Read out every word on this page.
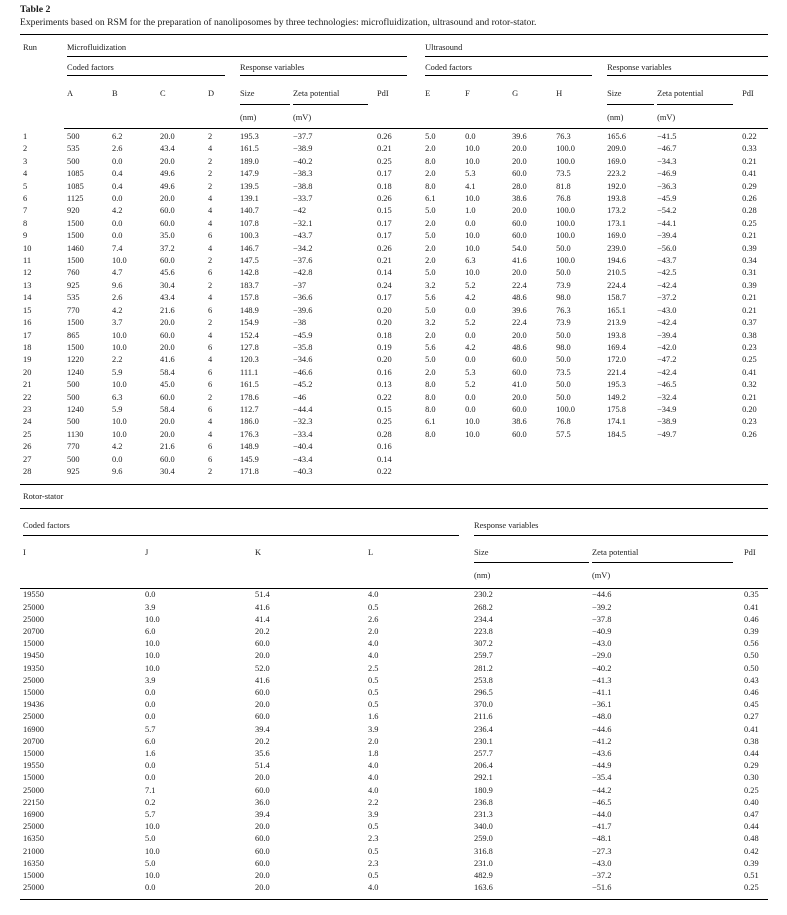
Table 2
Experiments based on RSM for the preparation of nanoliposomes by three technologies: microfluidization, ultrasound and rotor-stator.
Run	Microfluidization							Ultrasound						

	Coded factors				Response variables			Coded factors				Response variables		

	A	B	C	D	Size	Zeta potential	PdI	E	F	G	H	Size	Zeta potential	PdI
					(nm)	(mV)						(nm)	(mV)	
1	500	6.2	20.0	2	195.3	−37.7	0.26	5.0	0.0	39.6	76.3	165.6	−41.5	0.22
2	535	2.6	43.4	4	161.5	−38.9	0.21	2.0	10.0	20.0	100.0	209.0	−46.7	0.33
3	500	0.0	20.0	2	189.0	−40.2	0.25	8.0	10.0	20.0	100.0	169.0	−34.3	0.21
4	1085	0.4	49.6	2	147.9	−38.3	0.17	2.0	5.3	60.0	73.5	223.2	−46.9	0.41
5	1085	0.4	49.6	2	139.5	−38.8	0.18	8.0	4.1	28.0	81.8	192.0	−36.3	0.29
6	1125	0.0	20.0	4	139.1	−33.7	0.26	6.1	10.0	38.6	76.8	193.8	−45.9	0.26
7	920	4.2	60.0	4	140.7	−42	0.15	5.0	1.0	20.0	100.0	173.2	−54.2	0.28
8	1500	0.0	60.0	4	107.8	−32.1	0.17	2.0	0.0	60.0	100.0	173.1	−44.1	0.25
9	1500	0.0	35.0	6	100.3	−43.7	0.17	5.0	10.0	60.0	100.0	169.0	−39.4	0.21
10	1460	7.4	37.2	4	146.7	−34.2	0.26	2.0	10.0	54.0	50.0	239.0	−56.0	0.39
11	1500	10.0	60.0	2	147.5	−37.6	0.21	2.0	6.3	41.6	100.0	194.6	−43.7	0.34
12	760	4.7	45.6	6	142.8	−42.8	0.14	5.0	10.0	20.0	50.0	210.5	−42.5	0.31
13	925	9.6	30.4	2	183.7	−37	0.24	3.2	5.2	22.4	73.9	224.4	−42.4	0.39
14	535	2.6	43.4	4	157.8	−36.6	0.17	5.6	4.2	48.6	98.0	158.7	−37.2	0.21
15	770	4.2	21.6	6	148.9	−39.6	0.20	5.0	0.0	39.6	76.3	165.1	−43.0	0.21
16	1500	3.7	20.0	2	154.9	−38	0.20	3.2	5.2	22.4	73.9	213.9	−42.4	0.37
17	865	10.0	60.0	4	152.4	−45.9	0.18	2.0	0.0	20.0	50.0	193.8	−39.4	0.38
18	1500	10.0	20.0	6	127.8	−35.8	0.19	5.6	4.2	48.6	98.0	169.4	−42.0	0.23
19	1220	2.2	41.6	4	120.3	−34.6	0.20	5.0	0.0	60.0	50.0	172.0	−47.2	0.25
20	1240	5.9	58.4	6	111.1	−46.6	0.16	2.0	5.3	60.0	73.5	221.4	−42.4	0.41
21	500	10.0	45.0	6	161.5	−45.2	0.13	8.0	5.2	41.0	50.0	195.3	−46.5	0.32
22	500	6.3	60.0	2	178.6	−46	0.22	8.0	0.0	20.0	50.0	149.2	−32.4	0.21
23	1240	5.9	58.4	6	112.7	−44.4	0.15	8.0	0.0	60.0	100.0	175.8	−34.9	0.20
24	500	10.0	20.0	4	186.0	−32.3	0.25	6.1	10.0	38.6	76.8	174.1	−38.9	0.23
25	1130	10.0	20.0	4	176.3	−33.4	0.28	8.0	10.0	60.0	57.5	184.5	−49.7	0.26
26	770	4.2	21.6	6	148.9	−40.4	0.16							
27	500	0.0	60.0	6	145.9	−43.4	0.14							
28	925	9.6	30.4	2	171.8	−40.3	0.22							
Rotor-stator
Coded factors				Response variables		

I	J	K	L	Size	Zeta potential	PdI
				(nm)	(mV)	
19550	0.0	51.4	4.0	230.2	−44.6	0.35
25000	3.9	41.6	0.5	268.2	−39.2	0.41
25000	10.0	41.4	2.6	234.4	−37.8	0.46
20700	6.0	20.2	2.0	223.8	−40.9	0.39
15000	10.0	60.0	4.0	307.2	−43.0	0.56
19450	10.0	20.0	4.0	259.7	−29.0	0.50
19350	10.0	52.0	2.5	281.2	−40.2	0.50
25000	3.9	41.6	0.5	253.8	−41.3	0.43
15000	0.0	60.0	0.5	296.5	−41.1	0.46
19436	0.0	20.0	0.5	370.0	−36.1	0.45
25000	0.0	60.0	1.6	211.6	−48.0	0.27
16900	5.7	39.4	3.9	236.4	−44.6	0.41
20700	6.0	20.2	2.0	230.1	−41.2	0.38
15000	1.6	35.6	1.8	257.7	−43.6	0.44
19550	0.0	51.4	4.0	206.4	−44.9	0.29
15000	0.0	20.0	4.0	292.1	−35.4	0.30
25000	7.1	60.0	4.0	180.9	−44.2	0.25
22150	0.2	36.0	2.2	236.8	−46.5	0.40
16900	5.7	39.4	3.9	231.3	−44.0	0.47
25000	10.0	20.0	0.5	340.0	−41.7	0.44
16350	5.0	60.0	2.3	259.0	−48.1	0.48
21000	10.0	60.0	0.5	316.8	−27.3	0.42
16350	5.0	60.0	2.3	231.0	−43.0	0.39
15000	10.0	20.0	0.5	482.9	−37.2	0.51
25000	0.0	20.0	4.0	163.6	−51.6	0.25
